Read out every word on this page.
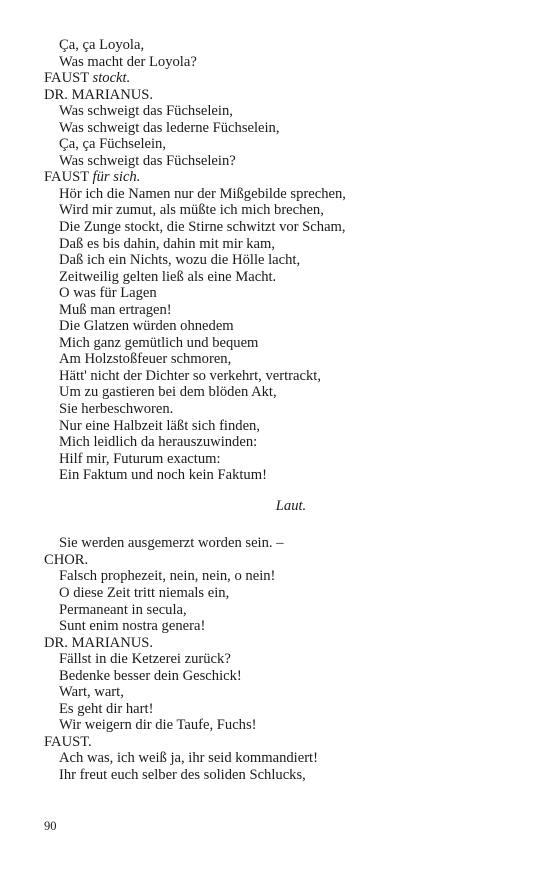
Ça, ça Loyola,
Was macht der Loyola?
FAUST stockt.
DR. MARIANUS.
Was schweigt das Füchselein,
Was schweigt das lederne Füchselein,
Ça, ça Füchselein,
Was schweigt das Füchselein?
FAUST für sich.
Hör ich die Namen nur der Mißgebilde sprechen,
Wird mir zumut, als müßte ich mich brechen,
Die Zunge stockt, die Stirne schwitzt vor Scham,
Daß es bis dahin, dahin mit mir kam,
Daß ich ein Nichts, wozu die Hölle lacht,
Zeitweilig gelten ließ als eine Macht.
O was für Lagen
Muß man ertragen!
Die Glatzen würden ohnedem
Mich ganz gemütlich und bequem
Am Holzstoßfeuer schmoren,
Hätt' nicht der Dichter so verkehrt, vertrackt,
Um zu gastieren bei dem blöden Akt,
Sie herbeschworen.
Nur eine Halbzeit läßt sich finden,
Mich leidlich da herauszuwinden:
Hilf mir, Futurum exactum:
Ein Faktum und noch kein Faktum!
Laut.
Sie werden ausgemerzt worden sein. –
CHOR.
Falsch prophezeit, nein, nein, o nein!
O diese Zeit tritt niemals ein,
Permaneant in secula,
Sunt enim nostra genera!
DR. MARIANUS.
Fällst in die Ketzerei zurück?
Bedenke besser dein Geschick!
Wart, wart,
Es geht dir hart!
Wir weigern dir die Taufe, Fuchs!
FAUST.
Ach was, ich weiß ja, ihr seid kommandiert!
Ihr freut euch selber des soliden Schlucks,
90
